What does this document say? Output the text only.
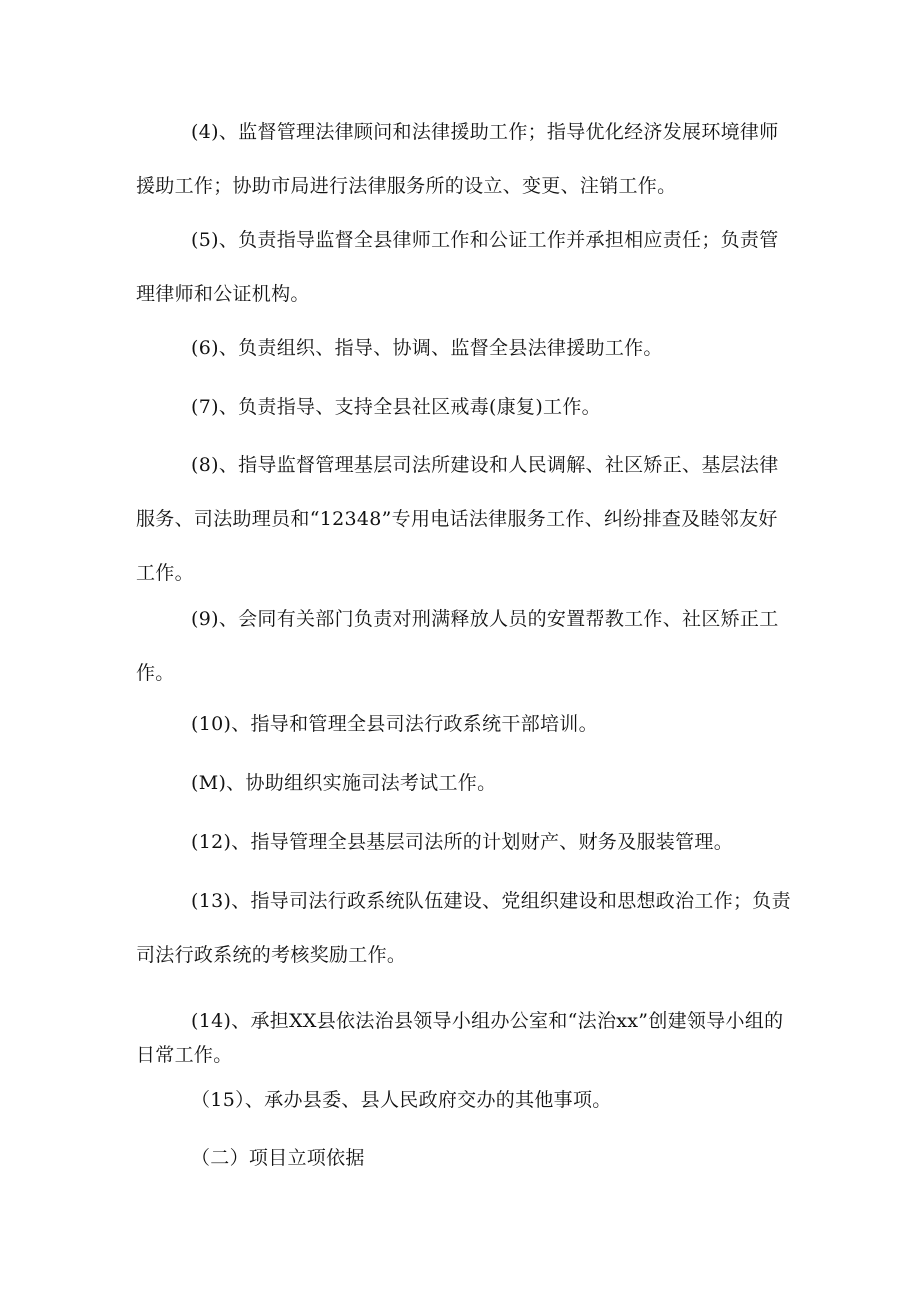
(4)、监督管理法律顾问和法律援助工作；指导优化经济发展环境律师援助工作；协助市局进行法律服务所的设立、变更、注销工作。

(5)、负责指导监督全县律师工作和公证工作并承担相应责任；负责管理律师和公证机构。

(6)、负责组织、指导、协调、监督全县法律援助工作。

(7)、负责指导、支持全县社区戒毒(康复)工作。

(8)、指导监督管理基层司法所建设和人民调解、社区矫正、基层法律服务、司法助理员和“12348”专用电话法律服务工作、纠纷排查及睦邻友好工作。

(9)、会同有关部门负责对刑满释放人员的安置帮教工作、社区矫正工作。

(10)、指导和管理全县司法行政系统干部培训。

(M)、协助组织实施司法考试工作。

(12)、指导管理全县基层司法所的计划财产、财务及服装管理。

(13)、指导司法行政系统队伍建设、党组织建设和思想政治工作；负责司法行政系统的考核奖励工作。

(14)、承担XX县依法治县领导小组办公室和“法治xx”创建领导小组的日常工作。

（15）、承办县委、县人民政府交办的其他事项。

（二）项目立项依据
